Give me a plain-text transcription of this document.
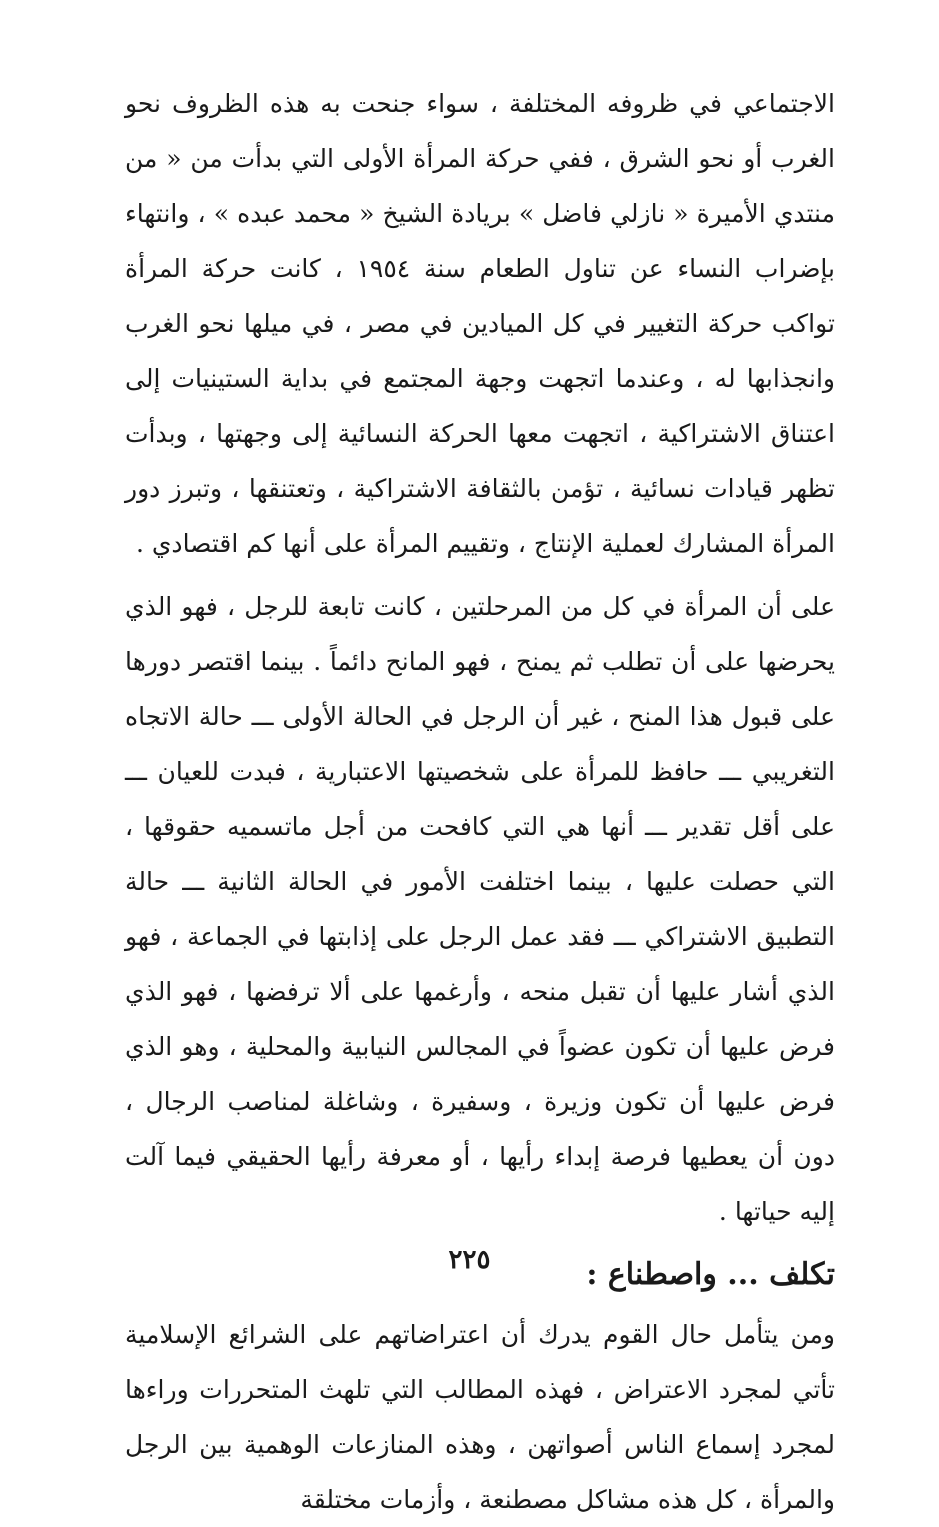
الاجتماعي في ظروفه المختلفة ، سواء جنحت به هذه الظروف نحو الغرب أو نحو الشرق ، ففي حركة المرأة الأولى التي بدأت من « من منتدي الأميرة « نازلي فاضل » بريادة الشيخ « محمد عبده » ، وانتهاء بإضراب النساء عن تناول الطعام سنة ١٩٥٤ ، كانت حركة المرأة تواكب حركة التغيير في كل الميادين في مصر ، في ميلها نحو الغرب وانجذابها له ، وعندما اتجهت وجهة المجتمع في بداية الستينيات إلى اعتناق الاشتراكية ، اتجهت معها الحركة النسائية إلى وجهتها ، وبدأت تظهر قيادات نسائية ، تؤمن بالثقافة الاشتراكية ، وتعتنقها ، وتبرز دور المرأة المشارك لعملية الإنتاج ، وتقييم المرأة على أنها كم اقتصادي .

على أن المرأة في كل من المرحلتين ، كانت تابعة للرجل ، فهو الذي يحرضها على أن تطلب ثم يمنح ، فهو المانح دائماً . بينما اقتصر دورها على قبول هذا المنح ، غير أن الرجل في الحالة الأولى ـــ حالة الاتجاه التغريبي ـــ حافظ للمرأة على شخصيتها الاعتبارية ، فبدت للعيان ـــ على أقل تقدير ـــ أنها هي التي كافحت من أجل ماتسميه حقوقها ، التي حصلت عليها ، بينما اختلفت الأمور في الحالة الثانية ـــ حالة التطبيق الاشتراكي ـــ فقد عمل الرجل على إذابتها في الجماعة ، فهو الذي أشار عليها أن تقبل منحه ، وأرغمها على ألا ترفضها ، فهو الذي فرض عليها أن تكون عضواً في المجالس النيابية والمحلية ، وهو الذي فرض عليها أن تكون وزيرة ، وسفيرة ، وشاغلة لمناصب الرجال ، دون أن يعطيها فرصة إبداء رأيها ، أو معرفة رأيها الحقيقي فيما آلت إليه حياتها .

تكلف ... واصطناع :

ومن يتأمل حال القوم يدرك أن اعتراضاتهم على الشرائع الإسلامية تأتي لمجرد الاعتراض ، فهذه المطالب التي تلهث المتحررات وراءها لمجرد إسماع الناس أصواتهن ، وهذه المنازعات الوهمية بين الرجل والمرأة ، كل هذه مشاكل مصطنعة ، وأزمات مختلقة

٢٢٥
